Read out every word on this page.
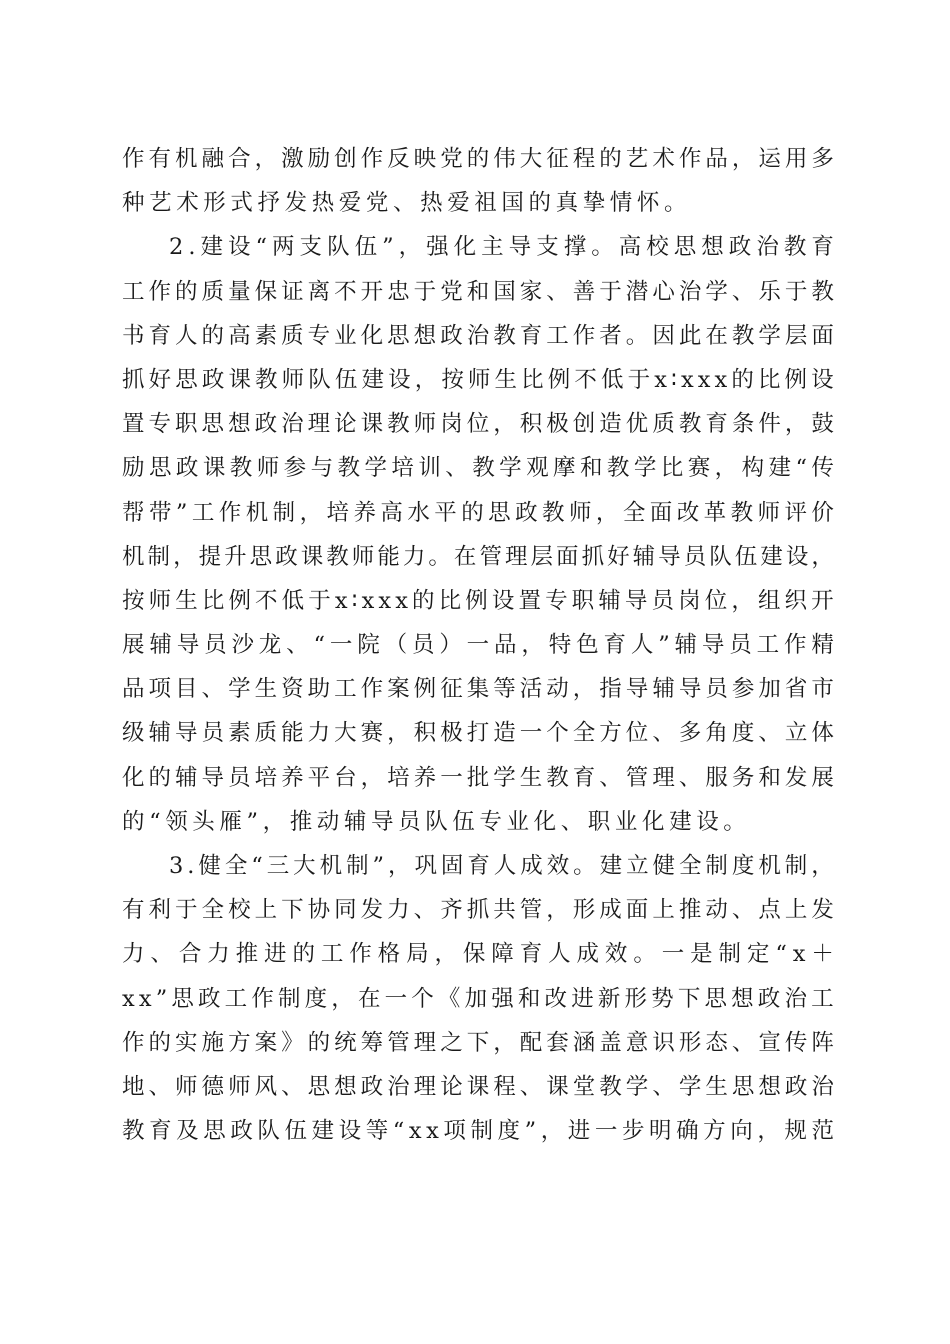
作 有 机 融 合 ， 激 励 创 作 反 映 党 的 伟 大 征 程 的 艺 术 作 品 ， 运 用 多
种艺术形式抒发热爱党、热爱祖国的真挚情怀。
2 . 建 设 “ 两 支 队 伍 ” ， 强 化 主 导 支 撑 。 高 校 思 想 政 治 教 育
工 作 的 质 量 保 证 离 不 开 忠 于 党 和 国 家 、 善 于 潜 心 治 学 、 乐 于 教
书 育 人 的 高 素 质 专 业 化 思 想 政 治 教 育 工 作 者 。 因 此 在 教 学 层 面
抓 好 思 政 课 教 师 队 伍 建 设 ， 按 师 生 比 例 不 低 于 x ∶ x x x 的 比 例 设
置 专 职 思 想 政 治 理 论 课 教 师 岗 位 ， 积 极 创 造 优 质 教 育 条 件 ， 鼓
励 思 政 课 教 师 参 与 教 学 培 训 、 教 学 观 摩 和 教 学 比 赛 ， 构 建 “ 传
帮 带 ” 工 作 机 制 ， 培 养 高 水 平 的 思 政 教 师 ， 全 面 改 革 教 师 评 价
机 制 ， 提 升 思 政 课 教 师 能 力 。 在 管 理 层 面 抓 好 辅 导 员 队 伍 建 设 ，
按 师 生 比 例 不 低 于 x ∶ x x x 的 比 例 设 置 专 职 辅 导 员 岗 位 ， 组 织 开
展 辅 导 员 沙 龙 、 “ 一 院 （ 员 ） 一 品 ， 特 色 育 人 ” 辅 导 员 工 作 精
品 项 目 、 学 生 资 助 工 作 案 例 征 集 等 活 动 ， 指 导 辅 导 员 参 加 省 市
级 辅 导 员 素 质 能 力 大 赛 ， 积 极 打 造 一 个 全 方 位 、 多 角 度 、 立 体
化 的 辅 导 员 培 养 平 台 ， 培 养 一 批 学 生 教 育 、 管 理 、 服 务 和 发 展
的“领头雁”，推动辅导员队伍专业化、职业化建设。
3 . 健 全 “ 三 大 机 制 ” ， 巩 固 育 人 成 效 。 建 立 健 全 制 度 机 制 ，
有 利 于 全 校 上 下 协 同 发 力 、 齐 抓 共 管 ， 形 成 面 上 推 动 、 点 上 发
力 、 合 力 推 进 的 工 作 格 局 ， 保 障 育 人 成 效 。 一 是 制 定 “ x ＋
x x ” 思 政 工 作 制 度 ， 在 一 个 《 加 强 和 改 进 新 形 势 下 思 想 政 治 工
作 的 实 施 方 案 》 的 统 筹 管 理 之 下 ， 配 套 涵 盖 意 识 形 态 、 宣 传 阵
地 、 师 德 师 风 、 思 想 政 治 理 论 课 程 、 课 堂 教 学 、 学 生 思 想 政 治
教 育 及 思 政 队 伍 建 设 等 “ x x 项 制 度 ” ， 进 一 步 明 确 方 向 ， 规 范
